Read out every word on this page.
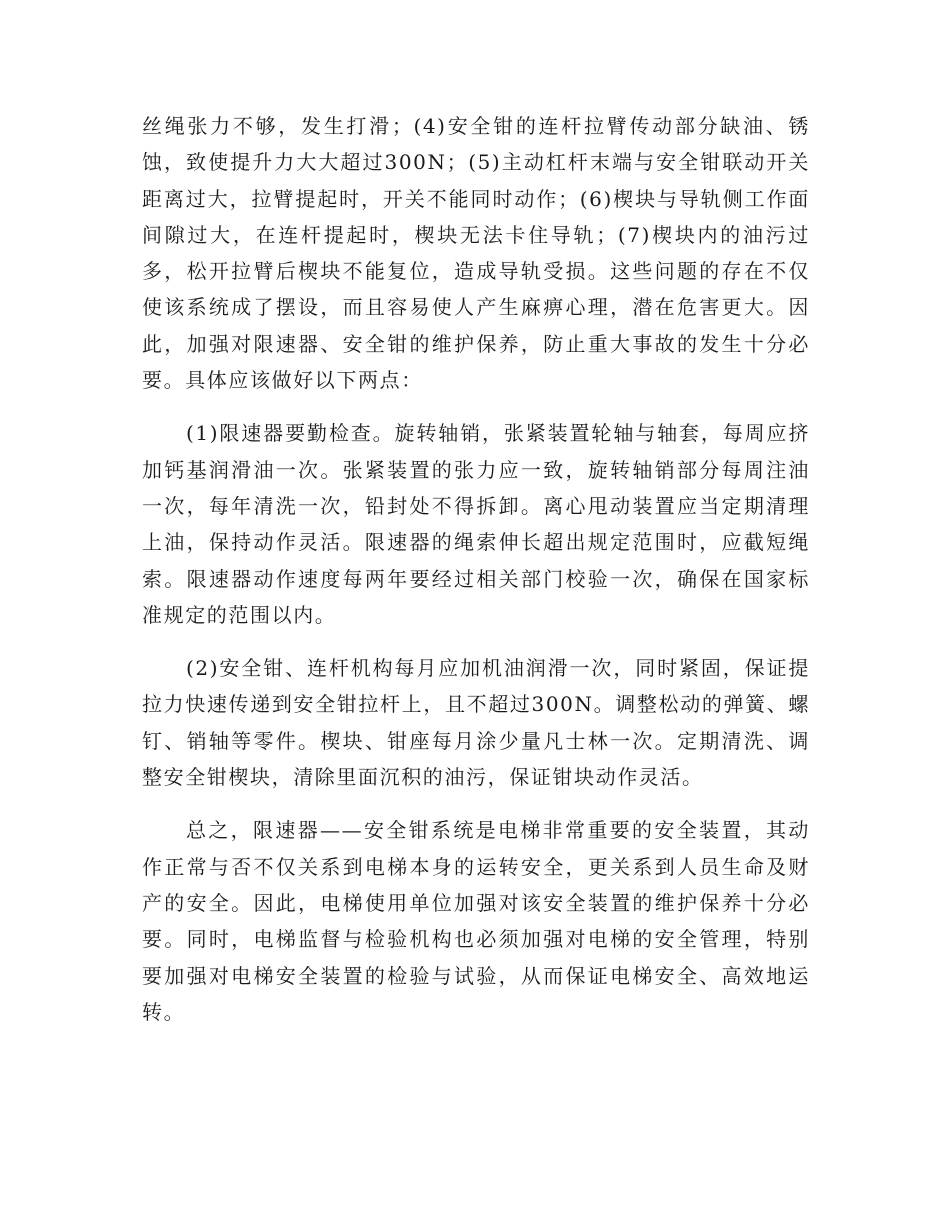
丝绳张力不够，发生打滑；(4)安全钳的连杆拉臂传动部分缺油、锈蚀，致使提升力大大超过300N；(5)主动杠杆末端与安全钳联动开关距离过大，拉臂提起时，开关不能同时动作；(6)楔块与导轨侧工作面间隙过大，在连杆提起时，楔块无法卡住导轨；(7)楔块内的油污过多，松开拉臂后楔块不能复位，造成导轨受损。这些问题的存在不仅使该系统成了摆设，而且容易使人产生麻痹心理，潜在危害更大。因此，加强对限速器、安全钳的维护保养，防止重大事故的发生十分必要。具体应该做好以下两点：

(1)限速器要勤检查。旋转轴销，张紧装置轮轴与轴套，每周应挤加钙基润滑油一次。张紧装置的张力应一致，旋转轴销部分每周注油一次，每年清洗一次，铅封处不得拆卸。离心甩动装置应当定期清理上油，保持动作灵活。限速器的绳索伸长超出规定范围时，应截短绳索。限速器动作速度每两年要经过相关部门校验一次，确保在国家标准规定的范围以内。

(2)安全钳、连杆机构每月应加机油润滑一次，同时紧固，保证提拉力快速传递到安全钳拉杆上，且不超过300N。调整松动的弹簧、螺钉、销轴等零件。楔块、钳座每月涂少量凡士林一次。定期清洗、调整安全钳楔块，清除里面沉积的油污，保证钳块动作灵活。

总之，限速器——安全钳系统是电梯非常重要的安全装置，其动作正常与否不仅关系到电梯本身的运转安全，更关系到人员生命及财产的安全。因此，电梯使用单位加强对该安全装置的维护保养十分必要。同时，电梯监督与检验机构也必须加强对电梯的安全管理，特别要加强对电梯安全装置的检验与试验，从而保证电梯安全、高效地运转。
